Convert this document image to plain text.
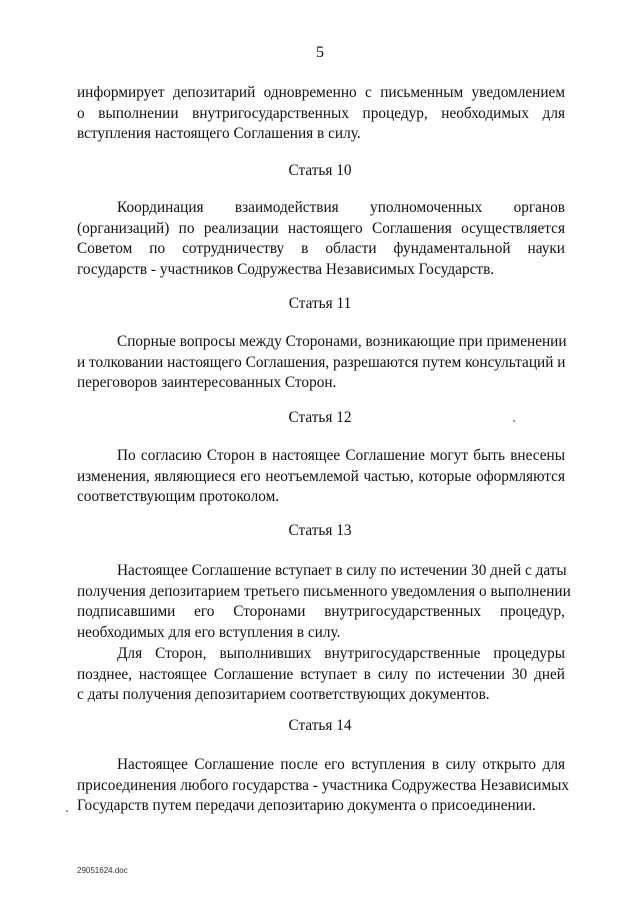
5
информирует депозитарий одновременно с письменным уведомлением
о выполнении внутригосударственных процедур, необходимых для
вступления настоящего Соглашения в силу.
Статья 10
Координация взаимодействия уполномоченных органов
(организаций) по реализации настоящего Соглашения осуществляется
Советом по сотрудничеству в области фундаментальной науки
государств - участников Содружества Независимых Государств.
Статья 11
Спорные вопросы между Сторонами, возникающие при применении
и толковании настоящего Соглашения, разрешаются путем консультаций и
переговоров заинтересованных Сторон.
Статья 12
По согласию Сторон в настоящее Соглашение могут быть внесены
изменения, являющиеся его неотъемлемой частью, которые оформляются
соответствующим протоколом.
Статья 13
Настоящее Соглашение вступает в силу по истечении 30 дней с даты
получения депозитарием третьего письменного уведомления о выполнении
подписавшими его Сторонами внутригосударственных процедур,
необходимых для его вступления в силу.
Для Сторон, выполнивших внутригосударственные процедуры
позднее, настоящее Соглашение вступает в силу по истечении 30 дней
с даты получения депозитарием соответствующих документов.
Статья 14
Настоящее Соглашение после его вступления в силу открыто для
присоединения любого государства - участника Содружества Независимых
Государств путем передачи депозитарию документа о присоединении.
29051624.doc
